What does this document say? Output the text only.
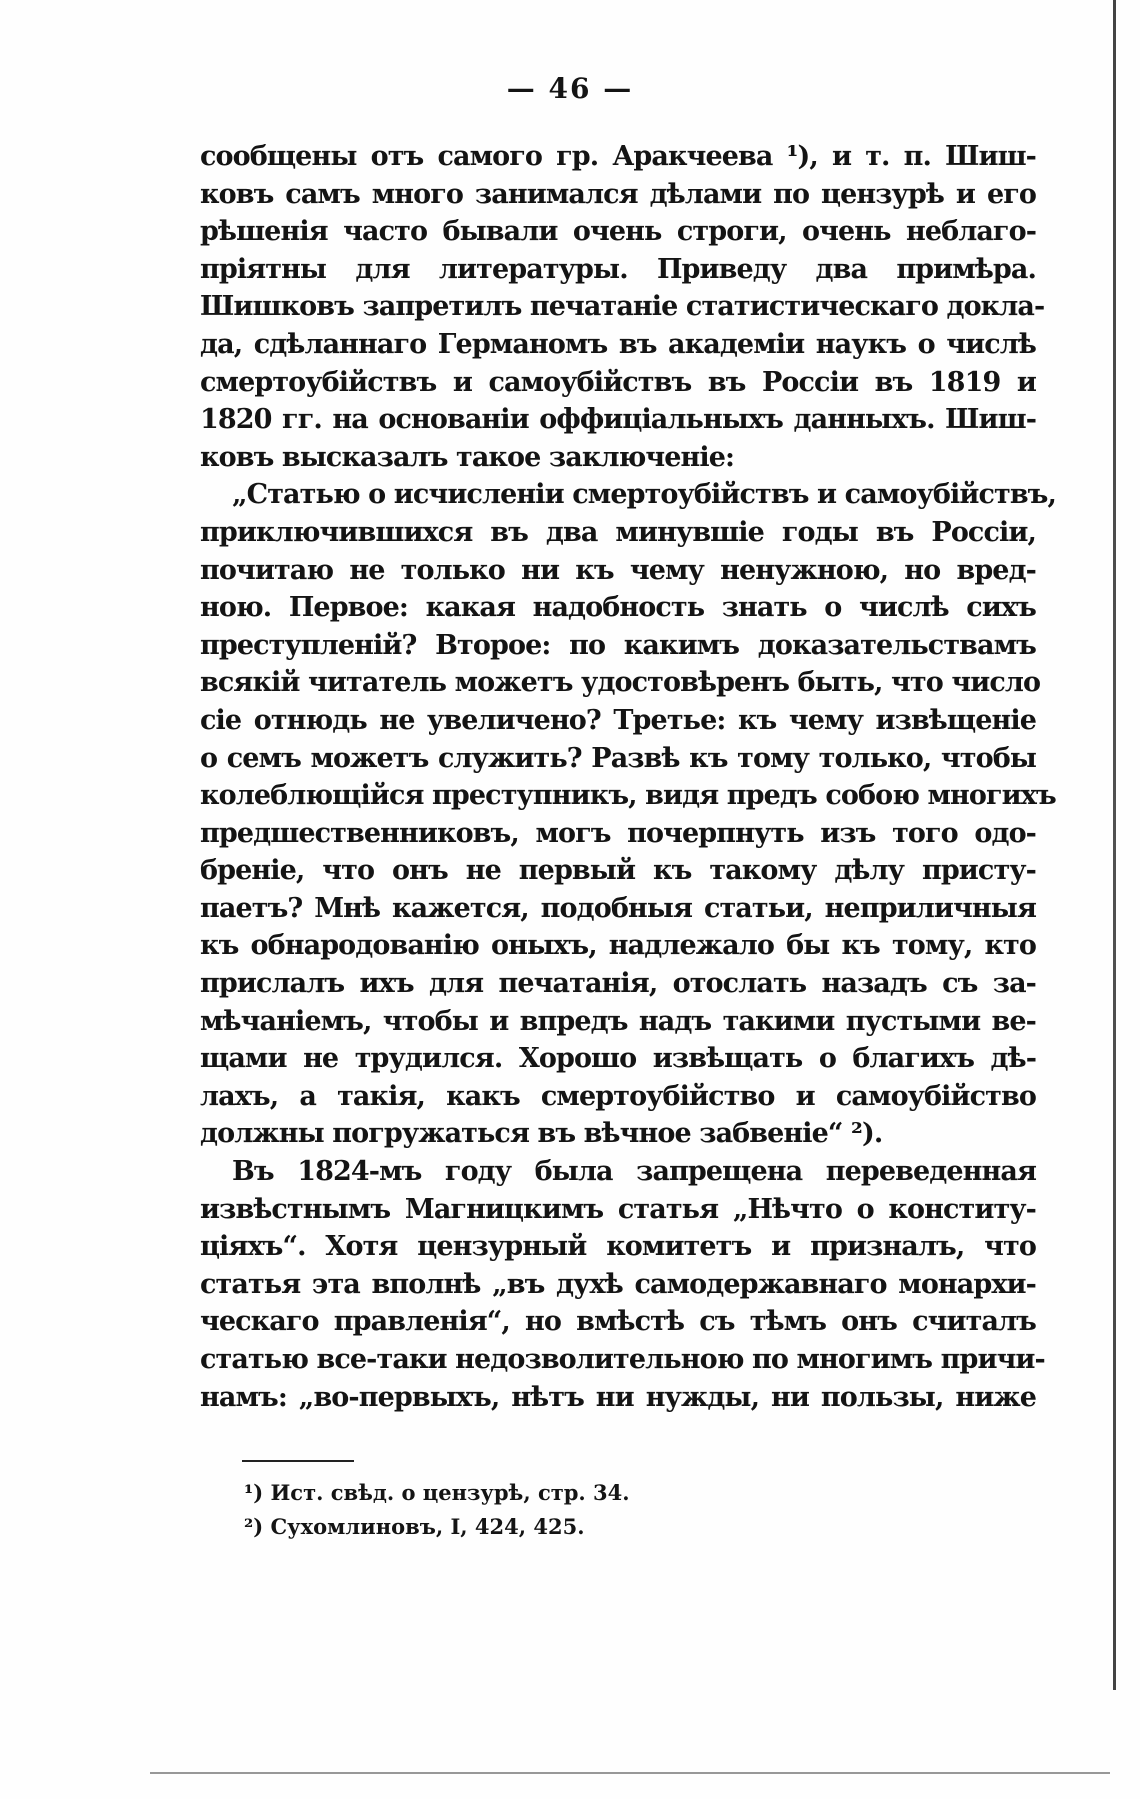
— 46 —
сообщены отъ самого гр. Аракчеева ¹), и т. п. Шиш-
ковъ самъ много занимался дѣлами по цензурѣ и его
рѣшенія часто бывали очень строги, очень неблаго-
пріятны для литературы. Приведу два примѣра.
Шишковъ запретилъ печатаніе статистическаго докла-
да, сдѣланнаго Германомъ въ академіи наукъ о числѣ
смертоубійствъ и самоубійствъ въ Россіи въ 1819 и
1820 гг. на основаніи оффиціальныхъ данныхъ. Шиш-
ковъ высказалъ такое заключеніе:
„Статью о исчисленіи смертоубійствъ и самоубійствъ,
приключившихся въ два минувшіе годы въ Россіи,
почитаю не только ни къ чему ненужною, но вред-
ною. Первое: какая надобность знать о числѣ сихъ
преступленій? Второе: по какимъ доказательствамъ
всякій читатель можетъ удостовѣренъ быть, что число
сіе отнюдь не увеличено? Третье: къ чему извѣщеніе
о семъ можетъ служить? Развѣ къ тому только, чтобы
колеблющійся преступникъ, видя предъ собою многихъ
предшественниковъ, могъ почерпнуть изъ того одо-
бреніе, что онъ не первый къ такому дѣлу присту-
паетъ? Мнѣ кажется, подобныя статьи, неприличныя
къ обнародованію оныхъ, надлежало бы къ тому, кто
прислалъ ихъ для печатанія, отослать назадъ съ за-
мѣчаніемъ, чтобы и впредъ надъ такими пустыми ве-
щами не трудился. Хорошо извѣщать о благихъ дѣ-
лахъ, а такія, какъ смертоубійство и самоубійство
должны погружаться въ вѣчное забвеніе“ ²).
Въ 1824-мъ году была запрещена переведенная
извѣстнымъ Магницкимъ статья „Нѣчто о конститу-
ціяхъ“. Хотя цензурный комитетъ и призналъ, что
статья эта вполнѣ „въ духѣ самодержавнаго монархи-
ческаго правленія“, но вмѣстѣ съ тѣмъ онъ считалъ
статью все-таки недозволительною по многимъ причи-
намъ: „во-первыхъ, нѣтъ ни нужды, ни пользы, ниже
¹) Ист. свѣд. о цензурѣ, стр. 34.
²) Сухомлиновъ, I, 424, 425.
